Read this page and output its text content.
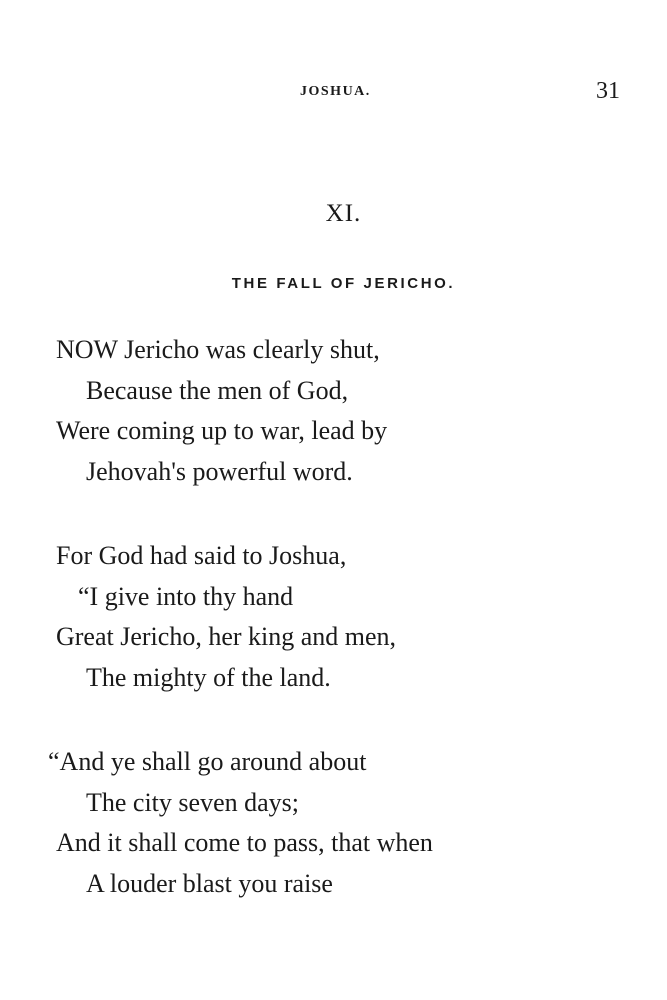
JOSHUA.	31
XI.
THE FALL OF JERICHO.
NOW Jericho was clearly shut,
Because the men of God,
Were coming up to war, lead by
Jehovah's powerful word.
For God had said to Joshua,
“I give into thy hand
Great Jericho, her king and men,
The mighty of the land.
“And ye shall go around about
The city seven days;
And it shall come to pass, that when
A louder blast you raise
